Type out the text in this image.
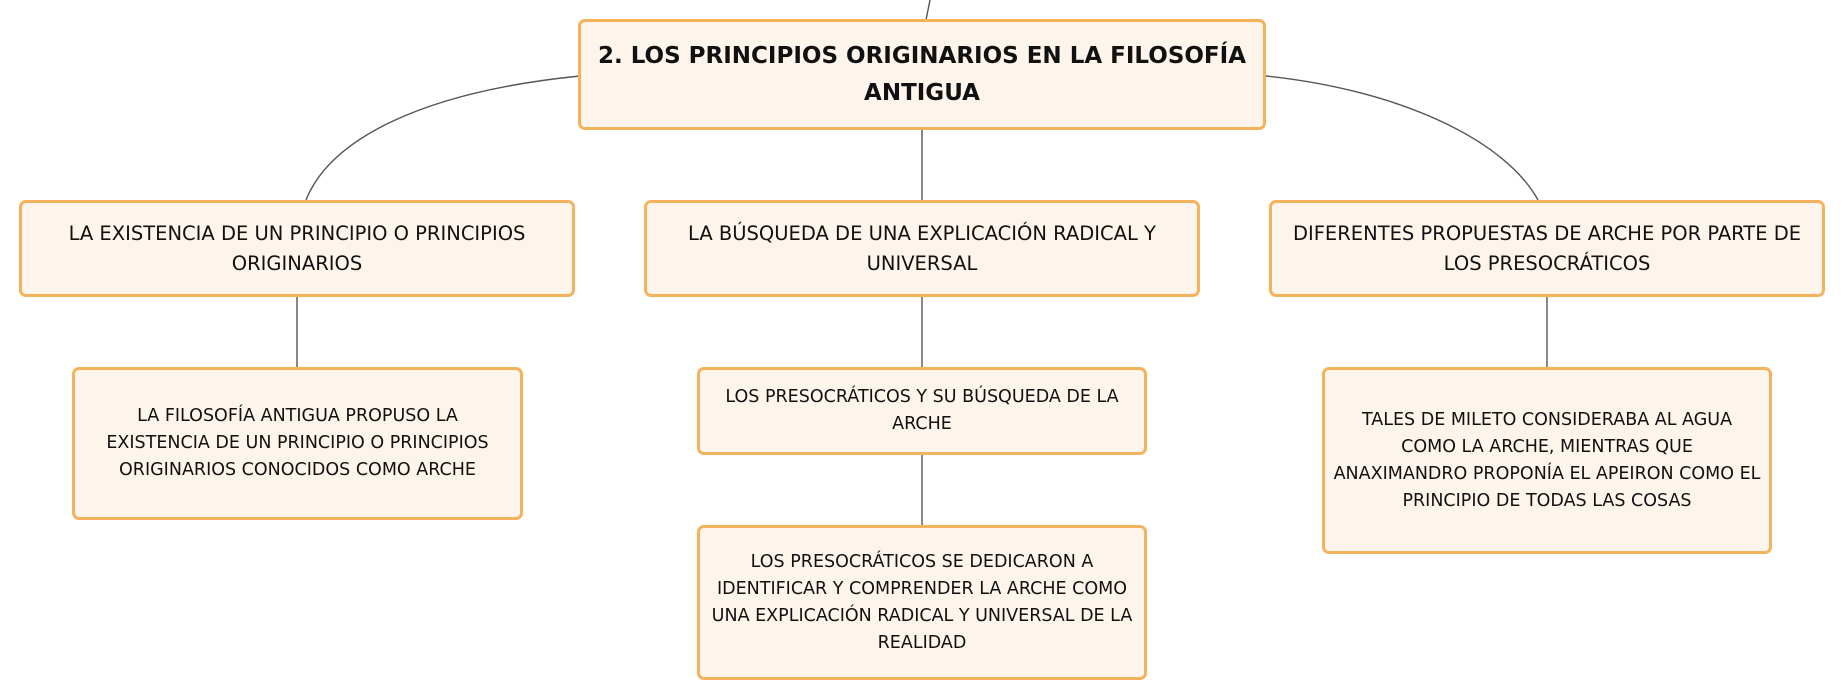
2. LOS PRINCIPIOS ORIGINARIOS EN LA FILOSOFÍA ANTIGUA
LA EXISTENCIA DE UN PRINCIPIO O PRINCIPIOS ORIGINARIOS
LA BÚSQUEDA DE UNA EXPLICACIÓN RADICAL Y UNIVERSAL
DIFERENTES PROPUESTAS DE ARCHE POR PARTE DE LOS PRESOCRÁTICOS
LA FILOSOFÍA ANTIGUA PROPUSO LA EXISTENCIA DE UN PRINCIPIO O PRINCIPIOS ORIGINARIOS CONOCIDOS COMO ARCHE
LOS PRESOCRÁTICOS Y SU BÚSQUEDA DE LA ARCHE
LOS PRESOCRÁTICOS SE DEDICARON A IDENTIFICAR Y COMPRENDER LA ARCHE COMO UNA EXPLICACIÓN RADICAL Y UNIVERSAL DE LA REALIDAD
TALES DE MILETO CONSIDERABA AL AGUA COMO LA ARCHE, MIENTRAS QUE ANAXIMANDRO PROPONÍA EL APEIRON COMO EL PRINCIPIO DE TODAS LAS COSAS
